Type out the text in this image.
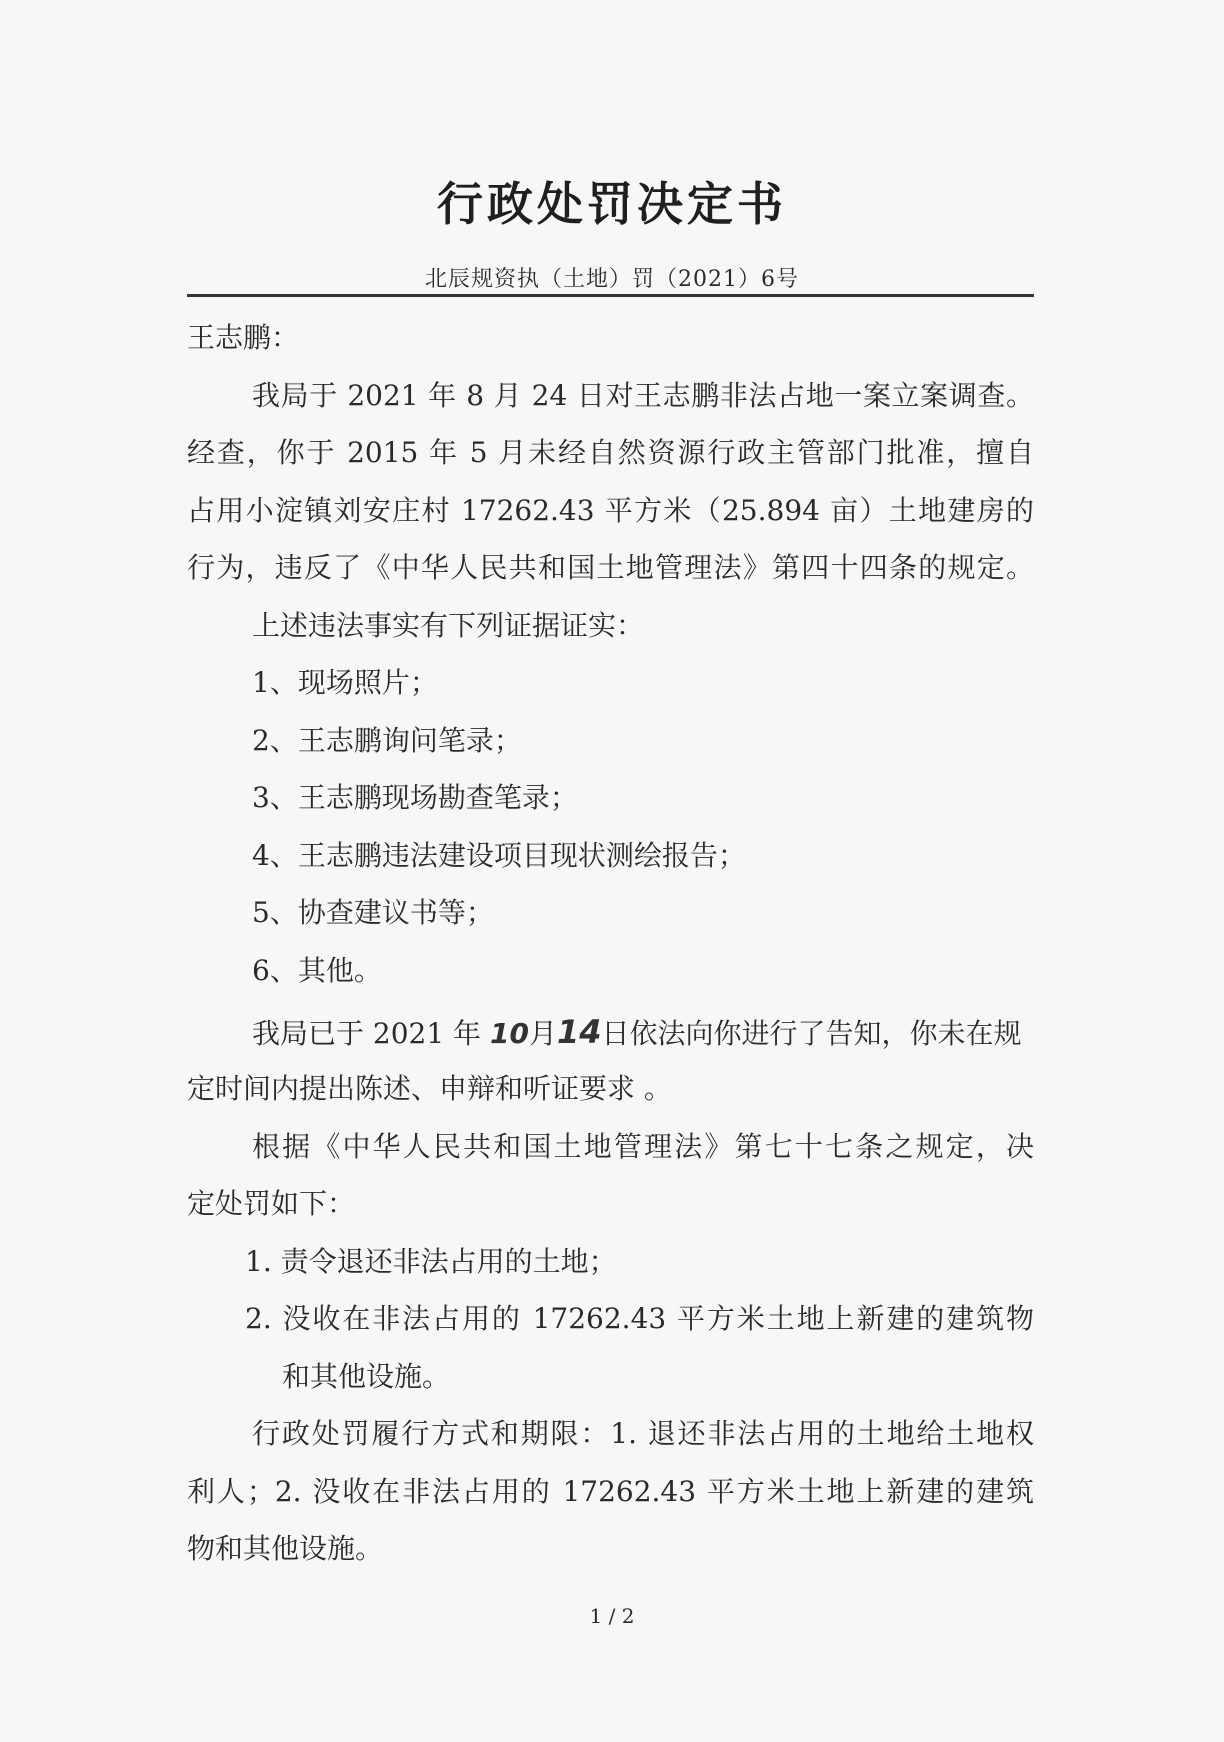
行政处罚决定书
北辰规资执（土地）罚（2021）6号
王志鹏：
我局于 2021 年 8 月 24 日对王志鹏非法占地一案立案调查。
经查，你于 2015 年 5 月未经自然资源行政主管部门批准，擅自
占用小淀镇刘安庄村 17262.43 平方米（25.894 亩）土地建房的
行为，违反了《中华人民共和国土地管理法》第四十四条的规定。
上述违法事实有下列证据证实：
1、现场照片；
2、王志鹏询问笔录；
3、王志鹏现场勘查笔录；
4、王志鹏违法建设项目现状测绘报告；
5、协查建议书等；
6、其他。
我局已于 2021 年 10月14日依法向你进行了告知，你未在规
定时间内提出陈述、申辩和听证要求 。
根据《中华人民共和国土地管理法》第七十七条之规定，决
定处罚如下：
1. 责令退还非法占用的土地；
2. 没收在非法占用的 17262.43 平方米土地上新建的建筑物
和其他设施。
行政处罚履行方式和期限：1. 退还非法占用的土地给土地权
利人；2. 没收在非法占用的 17262.43 平方米土地上新建的建筑
物和其他设施。
1 / 2
